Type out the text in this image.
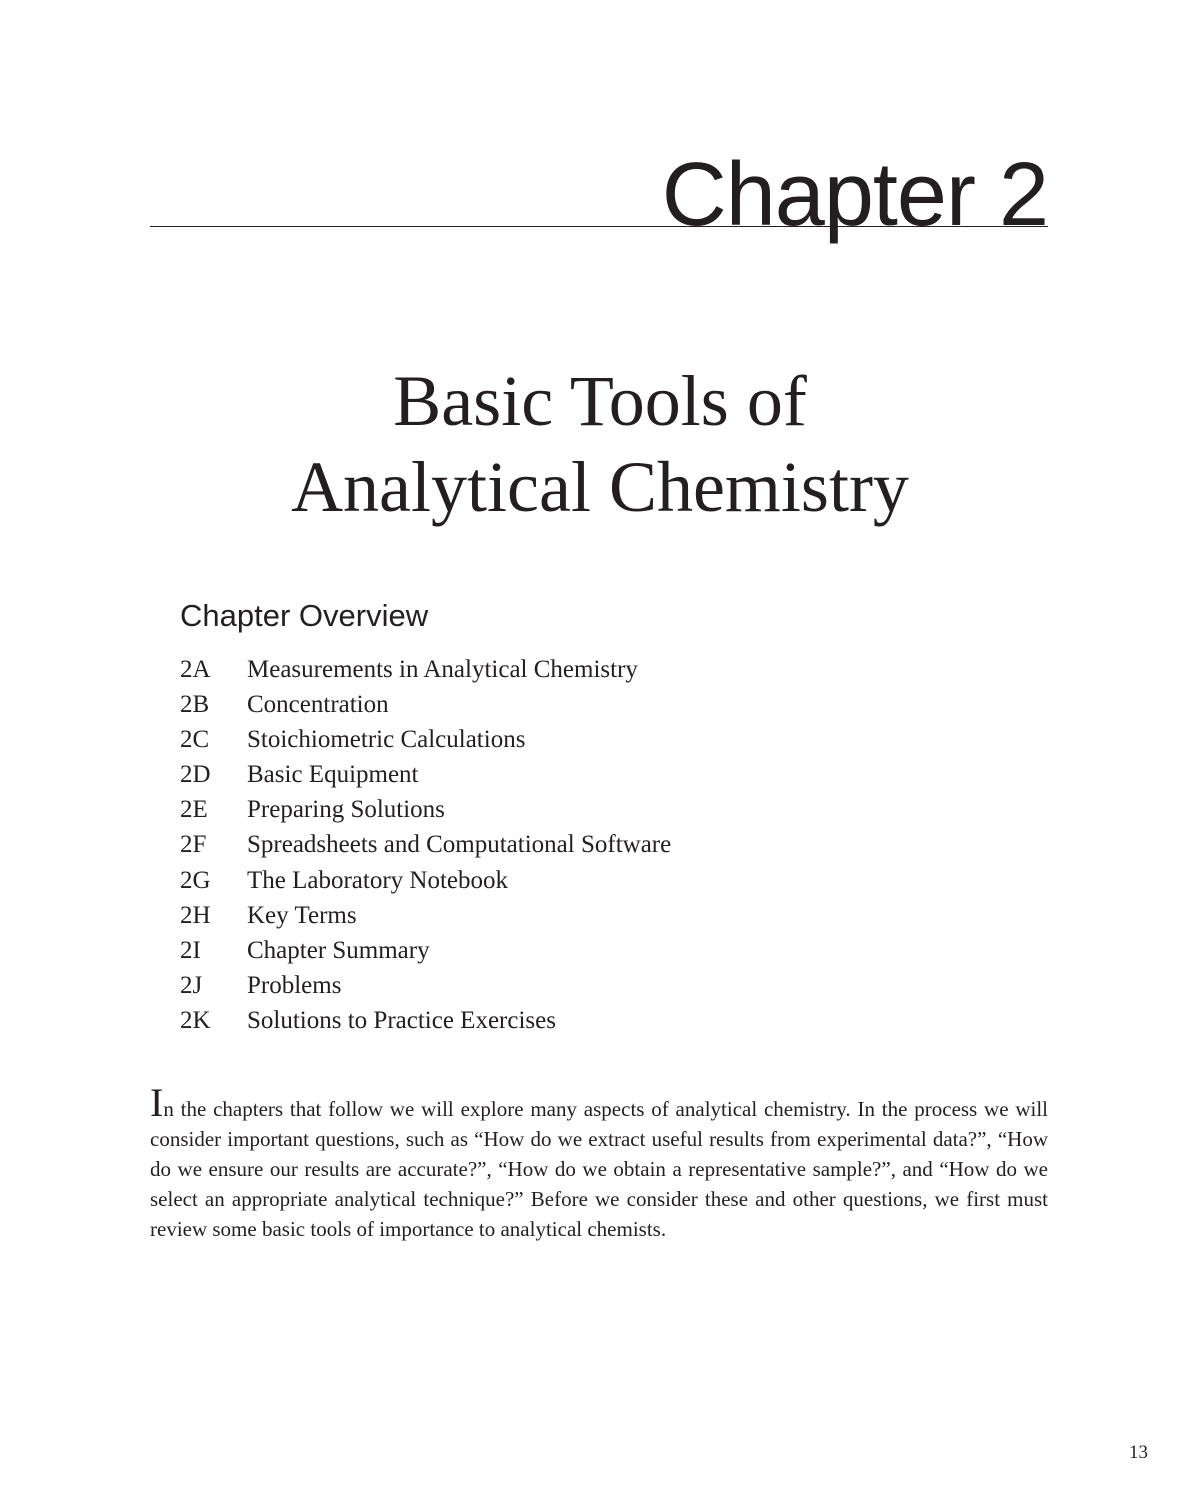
Chapter 2
Basic Tools of
Analytical Chemistry
Chapter Overview
2A Measurements in Analytical Chemistry
2B Concentration
2C Stoichiometric Calculations
2D Basic Equipment
2E Preparing Solutions
2F Spreadsheets and Computational Software
2G The Laboratory Notebook
2H Key Terms
2I Chapter Summary
2J Problems
2K Solutions to Practice Exercises

In the chapters that follow we will explore many aspects of analytical chemistry. In the process we will consider important questions, such as “How do we extract useful results from experimental data?”, “How do we ensure our results are accurate?”, “How do we obtain a representative sample?”, and “How do we select an appropriate analytical technique?” Before we consider these and other questions, we first must review some basic tools of importance to analytical chemists.

13
